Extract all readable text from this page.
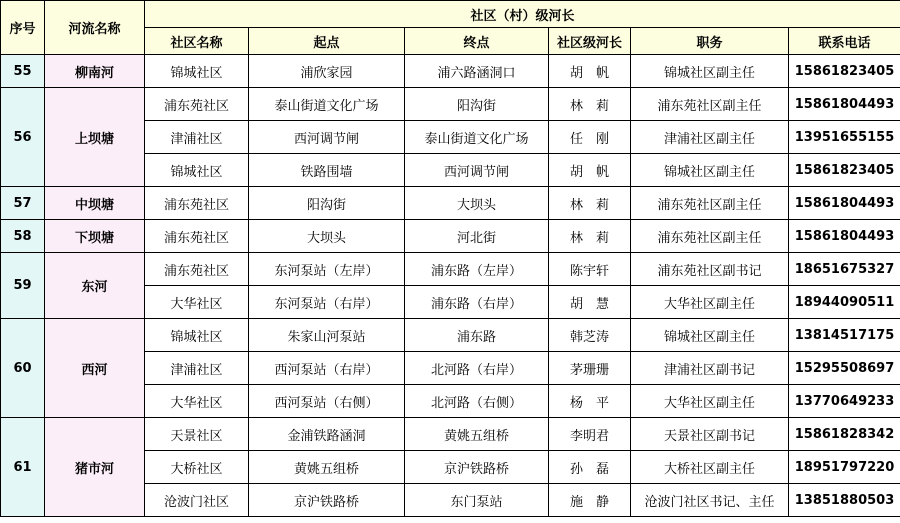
序号	河流名称	社区（村）级河长					
		社区名称	起点	终点	社区级河长	职务	联系电话
55	柳南河	锦城社区	浦欣家园	浦六路涵洞口	胡　帆	锦城社区副主任	15861823405
56	上坝塘	浦东苑社区	泰山街道文化广场	阳沟街	林　莉	浦东苑社区副主任	15861804493
		津浦社区	西河调节闸	泰山街道文化广场	任　刚	津浦社区副主任	13951655155
		锦城社区	铁路围墙	西河调节闸	胡　帆	锦城社区副主任	15861823405
57	中坝塘	浦东苑社区	阳沟街	大坝头	林　莉	浦东苑社区副主任	15861804493
58	下坝塘	浦东苑社区	大坝头	河北街	林　莉	浦东苑社区副主任	15861804493
59	东河	浦东苑社区	东河泵站（左岸）	浦东路（左岸）	陈宇轩	浦东苑社区副书记	18651675327
		大华社区	东河泵站（右岸）	浦东路（右岸）	胡　慧	大华社区副主任	18944090511
60	西河	锦城社区	朱家山河泵站	浦东路	韩芝涛	锦城社区副主任	13814517175
		津浦社区	西河泵站（右岸）	北河路（右岸）	茅珊珊	津浦社区副书记	15295508697
		大华社区	西河泵站（右侧）	北河路（右侧）	杨　平	大华社区副主任	13770649233
61	猪市河	天景社区	金浦铁路涵洞	黄姚五组桥	李明君	天景社区副书记	15861828342
		大桥社区	黄姚五组桥	京沪铁路桥	孙　磊	大桥社区副主任	18951797220
		沧波门社区	京沪铁路桥	东门泵站	施　静	沧波门社区书记、主任	13851880503
